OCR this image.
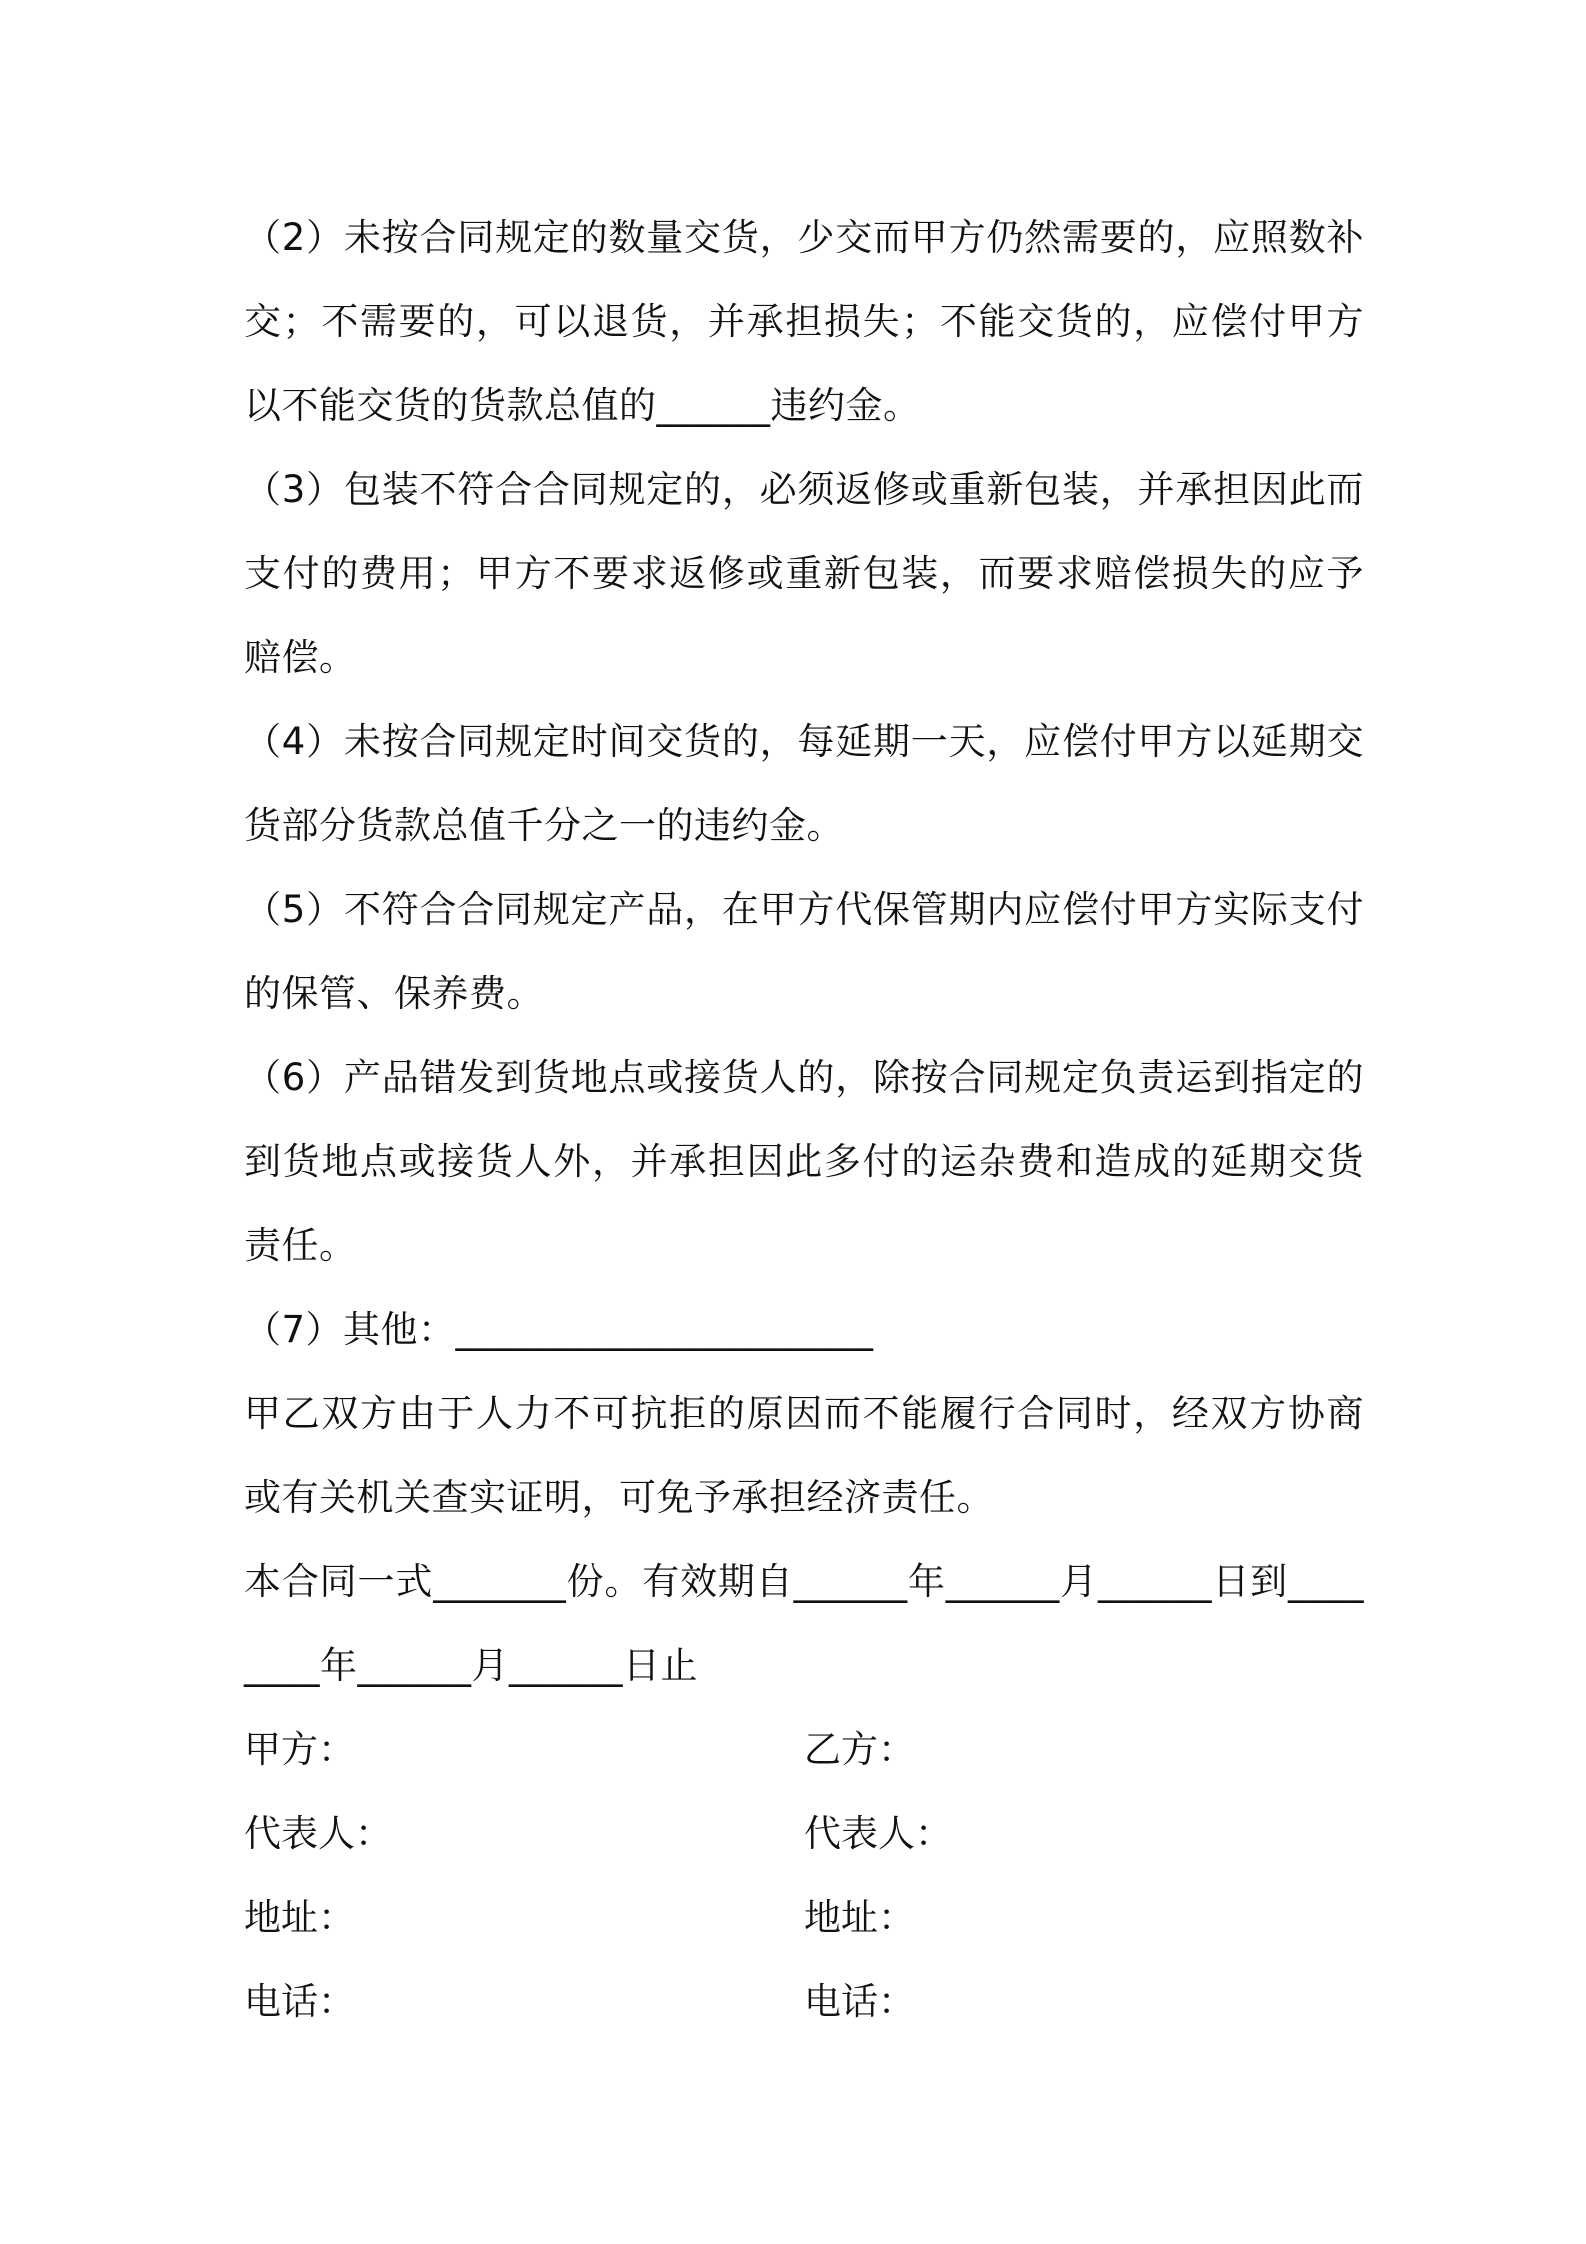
（2）未按合同规定的数量交货，少交而甲方仍然需要的，应照数补交；不需要的，可以退货，并承担损失；不能交货的，应偿付甲方以不能交货的货款总值的______违约金。

（3）包装不符合合同规定的，必须返修或重新包装，并承担因此而支付的费用；甲方不要求返修或重新包装，而要求赔偿损失的应予赔偿。

（4）未按合同规定时间交货的，每延期一天，应偿付甲方以延期交货部分货款总值千分之一的违约金。

（5）不符合合同规定产品，在甲方代保管期内应偿付甲方实际支付的保管、保养费。

（6）产品错发到货地点或接货人的，除按合同规定负责运到指定的到货地点或接货人外，并承担因此多付的运杂费和造成的延期交货责任。

（7）其他：______________________

甲乙双方由于人力不可抗拒的原因而不能履行合同时，经双方协商或有关机关查实证明，可免予承担经济责任。

本合同一式_______份。有效期自______年______月______日到________年______月______日止

甲方：	乙方：
代表人：	代表人：
地址：	地址：
电话：	电话：
